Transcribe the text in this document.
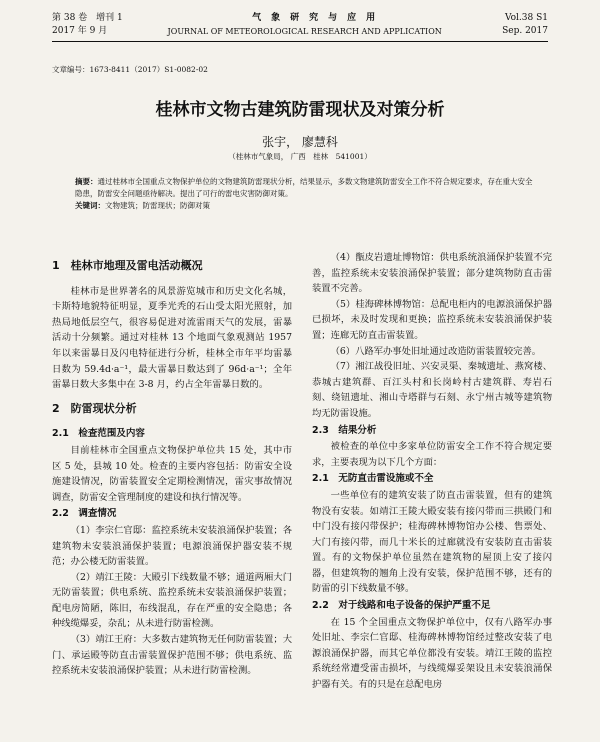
第 38 卷　增刊 1	气　象　研　究　与　应　用	Vol.38 S1
2017 年 9 月	JOURNAL OF METEOROLOGICAL RESEARCH AND APPLICATION	Sep. 2017
文章编号：1673-8411（2017）S1-0082-02
桂林市文物古建筑防雷现状及对策分析
张宇， 廖慧科
（桂林市气象局， 广西　桂林　541001）
摘要：通过桂林市全国重点文物保护单位的文物建筑防雷现状分析，结果显示，多数文物建筑防雷安全工作不符合规定要求，存在重大安全隐患，防雷安全问题亟待解决。提出了可行的雷电灾害防御对策。
关键词：文物建筑；防雷现状；防御对策
1　桂林市地理及雷电活动概况

桂林市是世界著名的风景游览城市和历史文化名城，卡斯特地貌特征明显，夏季光秃的石山受太阳光照射，加热局地低层空气，很容易促进对流雷雨天气的发展，雷暴活动十分频繁。通过对桂林 13 个地面气象观测站 1957 年以来雷暴日及闪电特征进行分析，桂林全市年平均雷暴日数为 59.4d·a⁻¹，最大雷暴日数达到了 96d·a⁻¹；全年雷暴日数大多集中在 3-8 月，约占全年雷暴日数的。

2　防雷现状分析
2.1　检查范围及内容

目前桂林市全国重点文物保护单位共 15 处，其中市区 5 处，县城 10 处。检查的主要内容包括：防雷安全设施建设情况，防雷装置安全定期检测情况，雷灾事故情况调查，防雷安全管理制度的建设和执行情况等。

2.2　调查情况

（1）李宗仁官邸：监控系统未安装浪涌保护装置；各建筑物未安装浪涌保护装置；电源浪涌保护器安装不规范；办公楼无防雷装置。

（2）靖江王陵：大殿引下线数量不够；通道两厢大门无防雷装置；供电系统、监控系统未安装浪涌保护装置；配电房简陋，陈旧，布线混乱，存在严重的安全隐患；各种线缆爆妥，杂乱；从未进行防雷检测。

（3）靖江王府：大多数古建筑物无任何防雷装置；大门、承运殿等防直击雷装置保护范围不够；供电系统、监控系统未安装浪涌保护装置；从未进行防雷检测。

（4）甑皮岩遗址博物馆：供电系统浪涌保护装置不完善，监控系统未安装浪涌保护装置；部分建筑物防直击雷装置不完善。

（5）桂海碑林博物馆：总配电柜内的电源浪涌保护器已损坏，未及时发现和更换；监控系统未安装浪涌保护装置；连廊无防直击雷装置。

（6）八路军办事处旧址通过改造防雷装置较完善。

（7）湘江战役旧址、兴安灵渠、秦城遗址、燕窝楼、恭城古建筑群、百江头村和长岗岭村古建筑群、寿岩石刻、绕钮遗址、湘山寺塔群与石刻、永宁州古城等建筑物均无防雷设施。

2.3　结果分析

被检查的单位中多家单位防雷安全工作不符合规定要求，主要表现为以下几个方面：

2.1　无防直击雷设施或不全

一些单位有的建筑安装了防直击雷装置，但有的建筑物没有安装。如靖江王陵大殿安装有接闪带而三拱殿门和中门没有接闪带保护；桂海碑林博物馆办公楼、售票处、大门有接闪带，而几十米长的过廊就没有安装防直击雷装置。有的文物保护单位虽然在建筑物的屋顶上安了接闪器，但建筑物的翘角上没有安装，保护范围不够，还有的防雷的引下线数量不够。

2.2　对于线路和电子设备的保护严重不足

在 15 个全国重点文物保护单位中，仅有八路军办事处旧址、李宗仁官邸、桂海碑林博物馆经过整改安装了电源浪涌保护器，而其它单位都没有安装。靖江王陵的监控系统经常遭受雷击损坏，与线缆爆妥架设且未安装浪涌保护器有关。有的只是在总配电房
